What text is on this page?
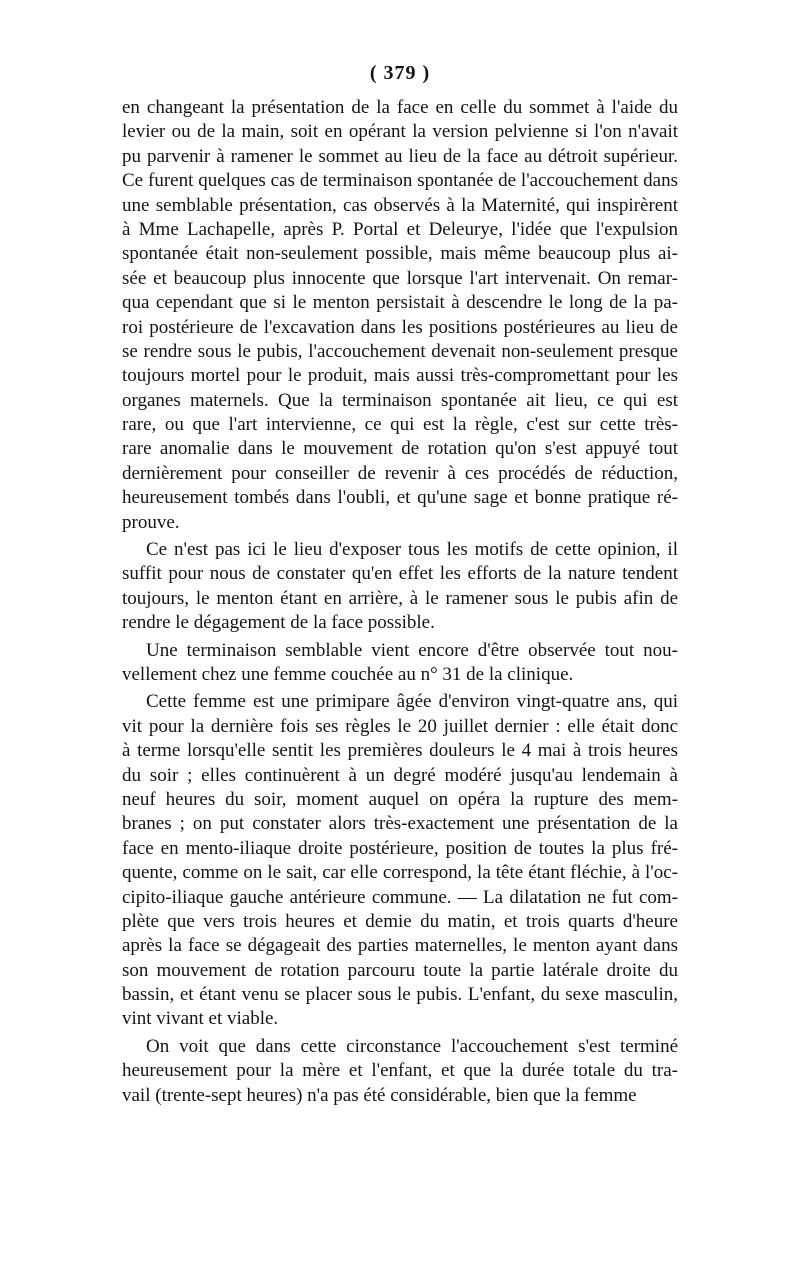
( 379 )
en changeant la présentation de la face en celle du sommet à l'aide du
levier ou de la main, soit en opérant la version pelvienne si l'on n'avait
pu parvenir à ramener le sommet au lieu de la face au détroit supérieur.
Ce furent quelques cas de terminaison spontanée de l'accouchement dans
une semblable présentation, cas observés à la Maternité, qui inspirèrent
à Mme Lachapelle, après P. Portal et Deleurye, l'idée que l'expulsion
spontanée était non-seulement possible, mais même beaucoup plus ai-
sée et beaucoup plus innocente que lorsque l'art intervenait. On remar-
qua cependant que si le menton persistait à descendre le long de la pa-
roi postérieure de l'excavation dans les positions postérieures au lieu de
se rendre sous le pubis, l'accouchement devenait non-seulement presque
toujours mortel pour le produit, mais aussi très-compromettant pour les
organes maternels. Que la terminaison spontanée ait lieu, ce qui est
rare, ou que l'art intervienne, ce qui est la règle, c'est sur cette très-
rare anomalie dans le mouvement de rotation qu'on s'est appuyé tout
dernièrement pour conseiller de revenir à ces procédés de réduction,
heureusement tombés dans l'oubli, et qu'une sage et bonne pratique ré-
prouve.
Ce n'est pas ici le lieu d'exposer tous les motifs de cette opinion, il
suffit pour nous de constater qu'en effet les efforts de la nature tendent
toujours, le menton étant en arrière, à le ramener sous le pubis afin de
rendre le dégagement de la face possible.
Une terminaison semblable vient encore d'être observée tout nou-
vellement chez une femme couchée au n° 31 de la clinique.
Cette femme est une primipare âgée d'environ vingt-quatre ans, qui
vit pour la dernière fois ses règles le 20 juillet dernier : elle était donc
à terme lorsqu'elle sentit les premières douleurs le 4 mai à trois heures
du soir ; elles continuèrent à un degré modéré jusqu'au lendemain à
neuf heures du soir, moment auquel on opéra la rupture des mem-
branes ; on put constater alors très-exactement une présentation de la
face en mento-iliaque droite postérieure, position de toutes la plus fré-
quente, comme on le sait, car elle correspond, la tête étant fléchie, à l'oc-
cipito-iliaque gauche antérieure commune. — La dilatation ne fut com-
plète que vers trois heures et demie du matin, et trois quarts d'heure
après la face se dégageait des parties maternelles, le menton ayant dans
son mouvement de rotation parcouru toute la partie latérale droite du
bassin, et étant venu se placer sous le pubis. L'enfant, du sexe masculin,
vint vivant et viable.
On voit que dans cette circonstance l'accouchement s'est terminé
heureusement pour la mère et l'enfant, et que la durée totale du tra-
vail (trente-sept heures) n'a pas été considérable, bien que la femme
